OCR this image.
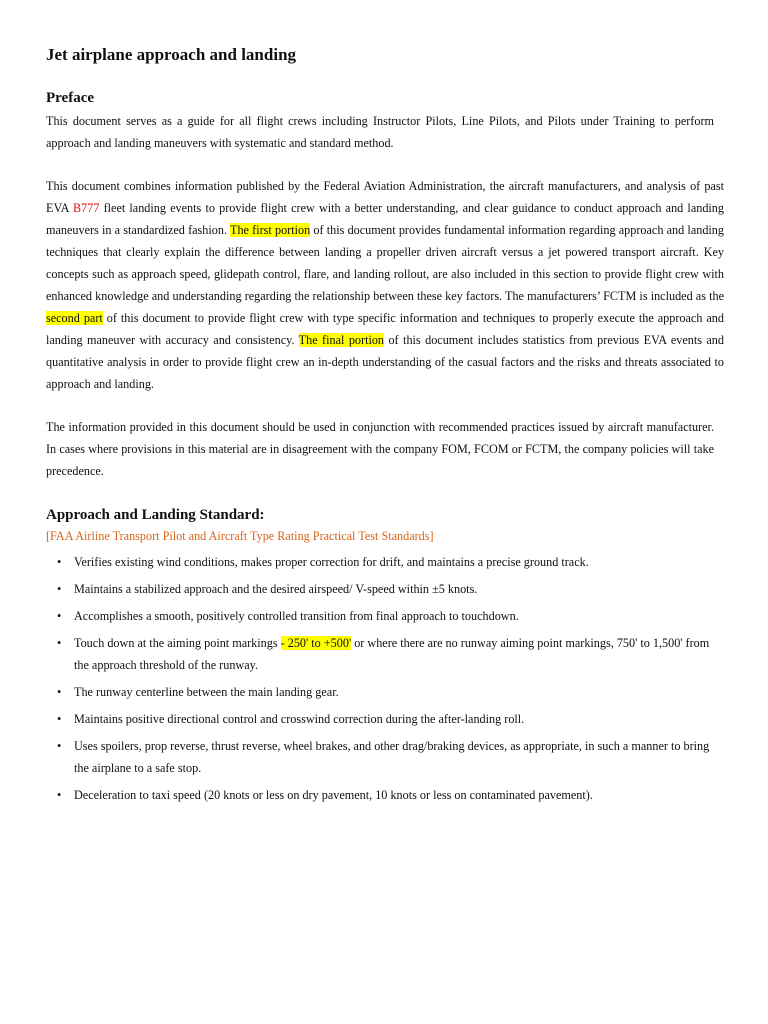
Jet airplane approach and landing
Preface

This document serves as a guide for all flight crews including Instructor Pilots, Line Pilots, and Pilots under Training to perform approach and landing maneuvers with systematic and standard method.

This document combines information published by the Federal Aviation Administration, the aircraft manufacturers, and analysis of past EVA B777 fleet landing events to provide flight crew with a better understanding, and clear guidance to conduct approach and landing maneuvers in a standardized fashion. The first portion of this document provides fundamental information regarding approach and landing techniques that clearly explain the difference between landing a propeller driven aircraft versus a jet powered transport aircraft. Key concepts such as approach speed, glidepath control, flare, and landing rollout, are also included in this section to provide flight crew with enhanced knowledge and understanding regarding the relationship between these key factors. The manufacturers’ FCTM is included as the second part of this document to provide flight crew with type specific information and techniques to properly execute the approach and landing maneuver with accuracy and consistency. The final portion of this document includes statistics from previous EVA events and quantitative analysis in order to provide flight crew an in-depth understanding of the casual factors and the risks and threats associated to approach and landing.

The information provided in this document should be used in conjunction with recommended practices issued by aircraft manufacturer. In cases where provisions in this material are in disagreement with the company FOM, FCOM or FCTM, the company policies will take precedence.

Approach and Landing Standard:
[FAA Airline Transport Pilot and Aircraft Type Rating Practical Test Standards]
• Verifies existing wind conditions, makes proper correction for drift, and maintains a precise ground track.
• Maintains a stabilized approach and the desired airspeed/ V-speed within ±5 knots.
• Accomplishes a smooth, positively controlled transition from final approach to touchdown.
• Touch down at the aiming point markings - 250' to +500' or where there are no runway aiming point markings, 750' to 1,500' from the approach threshold of the runway.
• The runway centerline between the main landing gear.
• Maintains positive directional control and crosswind correction during the after-landing roll.
• Uses spoilers, prop reverse, thrust reverse, wheel brakes, and other drag/braking devices, as appropriate, in such a manner to bring the airplane to a safe stop.
• Deceleration to taxi speed (20 knots or less on dry pavement, 10 knots or less on contaminated pavement).
